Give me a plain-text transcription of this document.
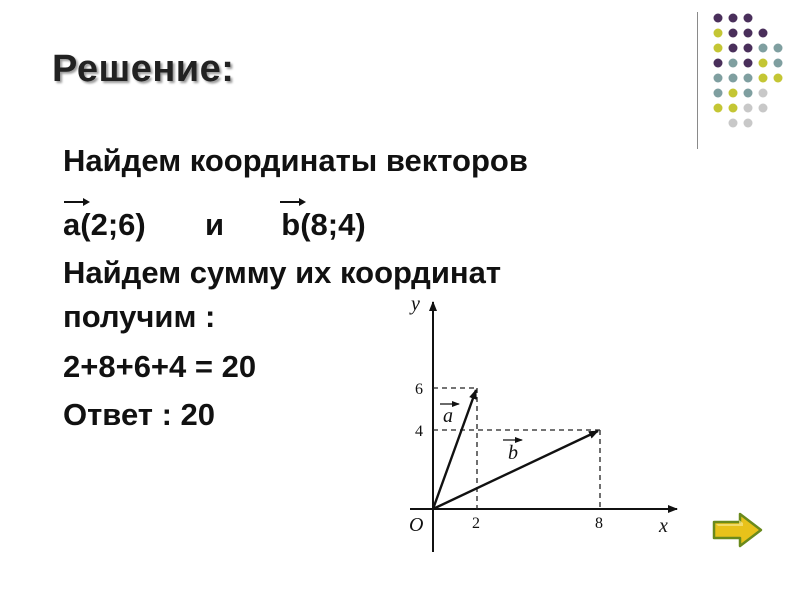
Решение:
Найдем координаты векторов
a(2;6) и b(8;4)
Найдем сумму их координат
получим :
2+8+6+4 = 20
Ответ : 20
y
x
O
a
b
6
4
2	8
